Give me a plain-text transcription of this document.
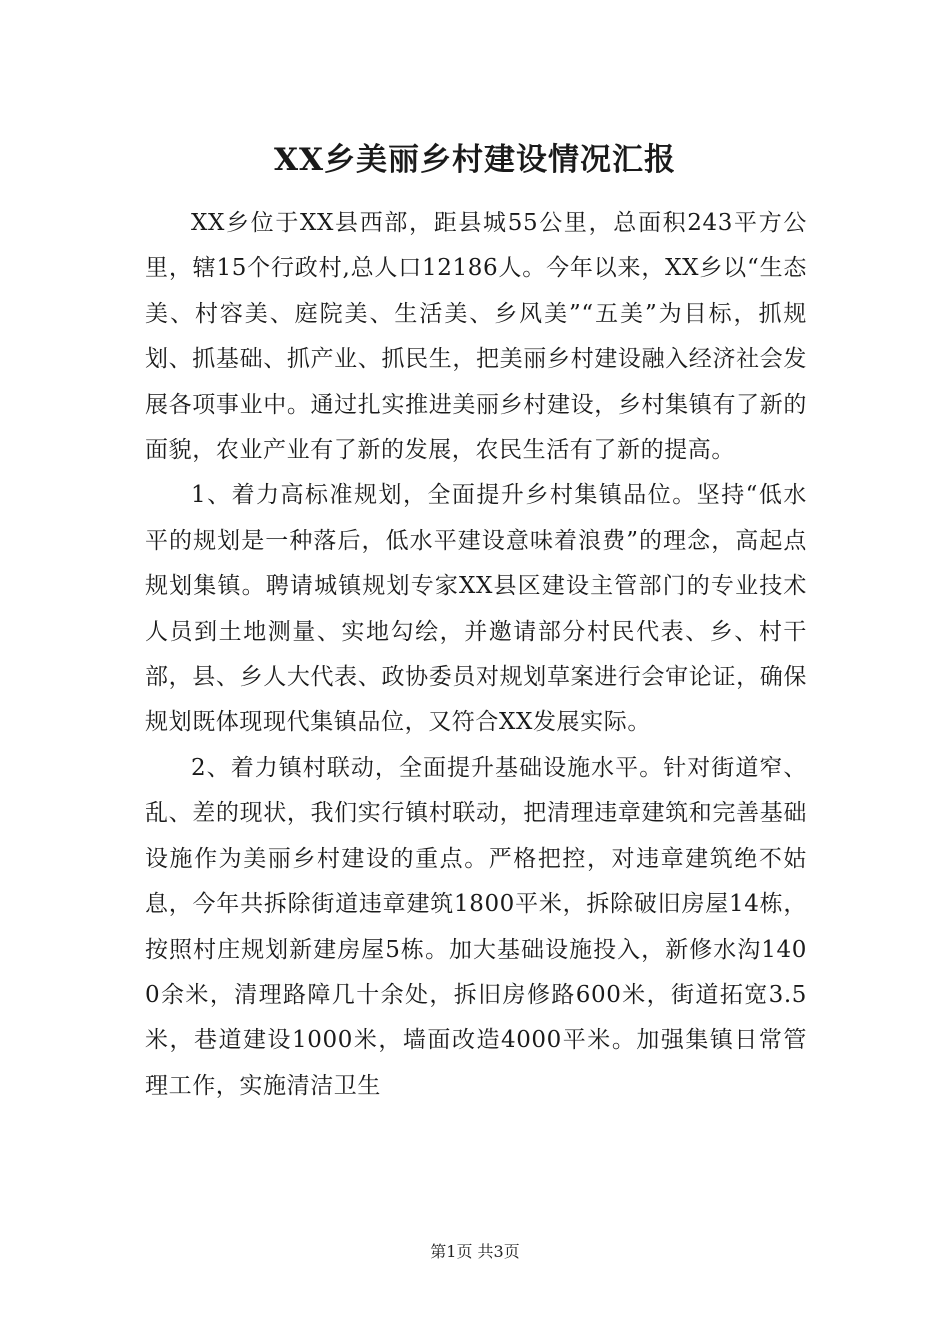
XX乡美丽乡村建设情况汇报

XX乡位于XX县西部，距县城55公里，总面积243平方公里，辖15个行政村,总人口12186人。今年以来，XX乡以“生态美、村容美、庭院美、生活美、乡风美”“五美”为目标，抓规划、抓基础、抓产业、抓民生，把美丽乡村建设融入经济社会发展各项事业中。通过扎实推进美丽乡村建设，乡村集镇有了新的面貌，农业产业有了新的发展，农民生活有了新的提高。

1、着力高标准规划，全面提升乡村集镇品位。坚持“低水平的规划是一种落后，低水平建设意味着浪费”的理念，高起点规划集镇。聘请城镇规划专家XX县区建设主管部门的专业技术人员到土地测量、实地勾绘，并邀请部分村民代表、乡、村干部，县、乡人大代表、政协委员对规划草案进行会审论证，确保规划既体现现代集镇品位，又符合XX发展实际。

2、着力镇村联动，全面提升基础设施水平。针对街道窄、乱、差的现状，我们实行镇村联动，把清理违章建筑和完善基础设施作为美丽乡村建设的重点。严格把控，对违章建筑绝不姑息，今年共拆除街道违章建筑1800平米，拆除破旧房屋14栋，按照村庄规划新建房屋5栋。加大基础设施投入，新修水沟1400余米，清理路障几十余处，拆旧房修路600米，街道拓宽3.5米，巷道建设1000米，墙面改造4000平米。加强集镇日常管理工作，实施清洁卫生

第1页 共3页
